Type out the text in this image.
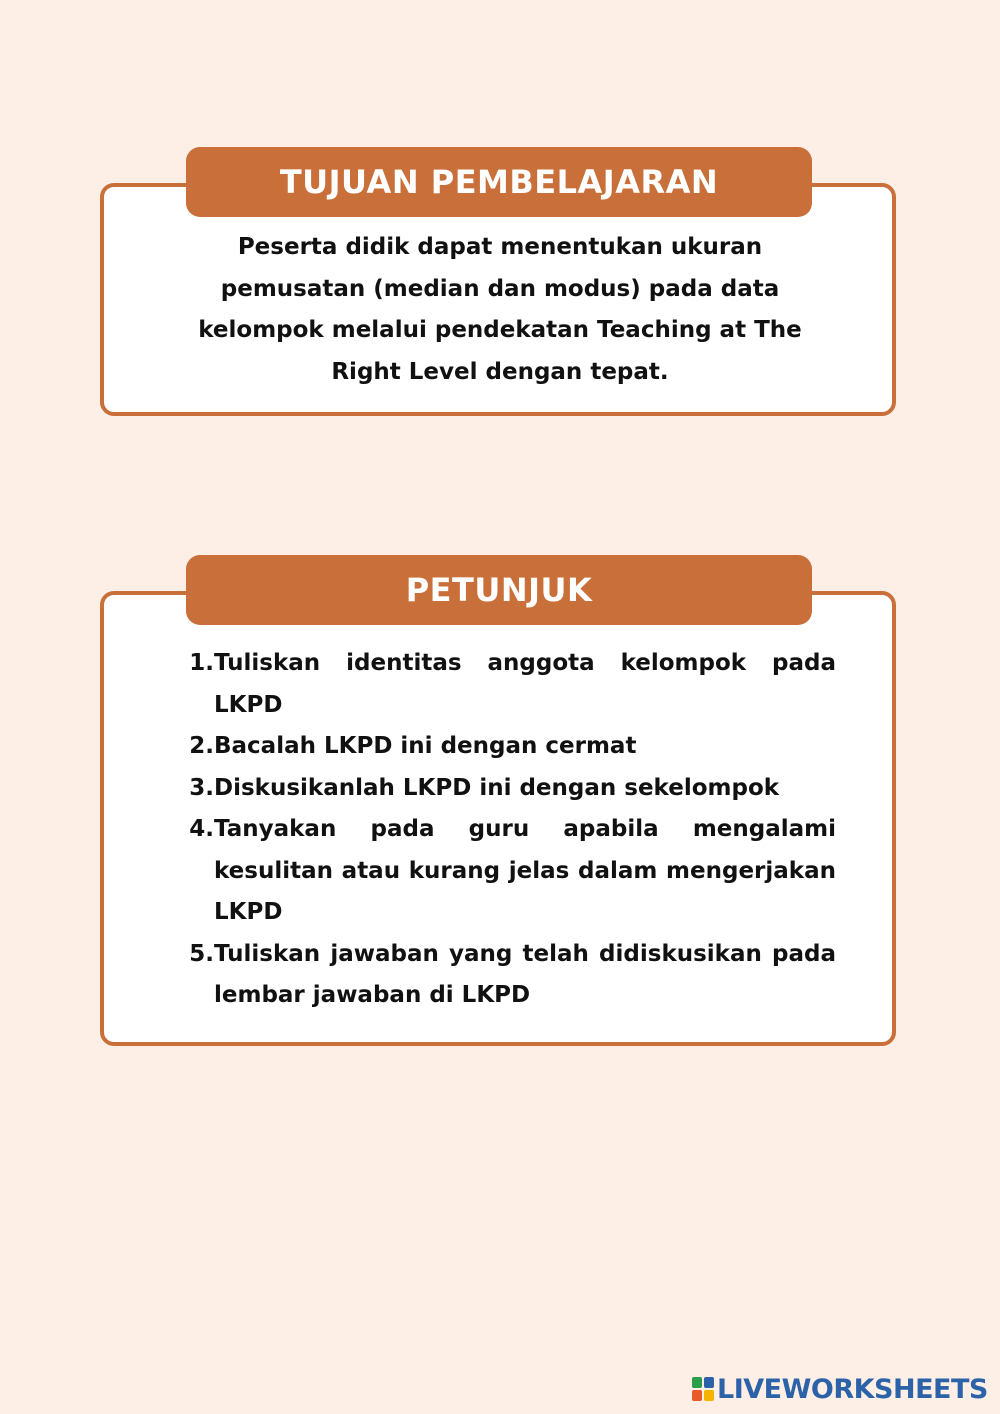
TUJUAN PEMBELAJARAN
Peserta didik dapat menentukan ukuran pemusatan (median dan modus) pada data kelompok melalui pendekatan Teaching at The Right Level dengan tepat.
PETUNJUK
1. Tuliskan identitas anggota kelompok pada LKPD
2. Bacalah LKPD ini dengan cermat
3. Diskusikanlah LKPD ini dengan sekelompok
4. Tanyakan pada guru apabila mengalami kesulitan atau kurang jelas dalam mengerjakan LKPD
5. Tuliskan jawaban yang telah didiskusikan pada lembar jawaban di LKPD
LIVEWORKSHEETS
